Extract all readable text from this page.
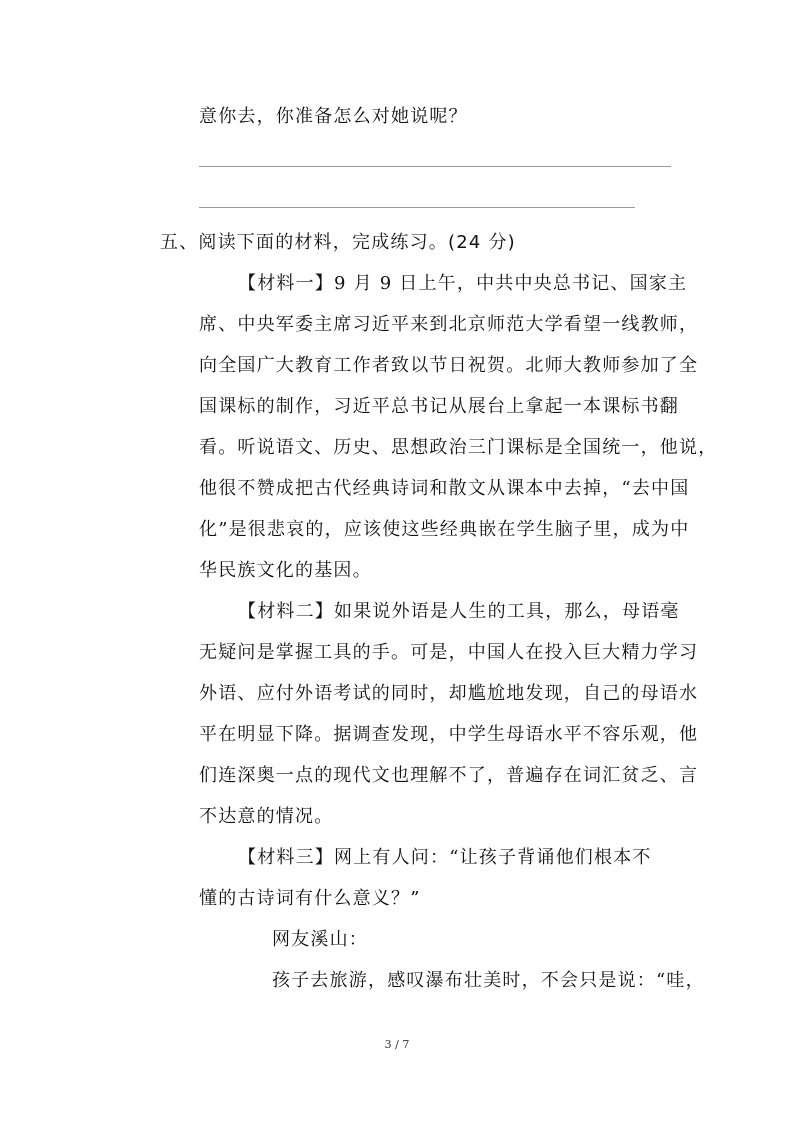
意你去，你准备怎么对她说呢？
五、阅读下面的材料，完成练习。(24 分)
【材料一】9 月 9 日上午，中共中央总书记、国家主
席、中央军委主席习近平来到北京师范大学看望一线教师，
向全国广大教育工作者致以节日祝贺。北师大教师参加了全
国课标的制作，习近平总书记从展台上拿起一本课标书翻
看。听说语文、历史、思想政治三门课标是全国统一，他说，
他很不赞成把古代经典诗词和散文从课本中去掉，“去中国
化”是很悲哀的，应该使这些经典嵌在学生脑子里，成为中
华民族文化的基因。
【材料二】如果说外语是人生的工具，那么，母语毫
无疑问是掌握工具的手。可是，中国人在投入巨大精力学习
外语、应付外语考试的同时，却尴尬地发现，自己的母语水
平在明显下降。据调查发现，中学生母语水平不容乐观，他
们连深奥一点的现代文也理解不了，普遍存在词汇贫乏、言
不达意的情况。
【材料三】网上有人问：“让孩子背诵他们根本不
懂的古诗词有什么意义？”
网友溪山：
孩子去旅游，感叹瀑布壮美时，不会只是说：“哇，
3 / 7
